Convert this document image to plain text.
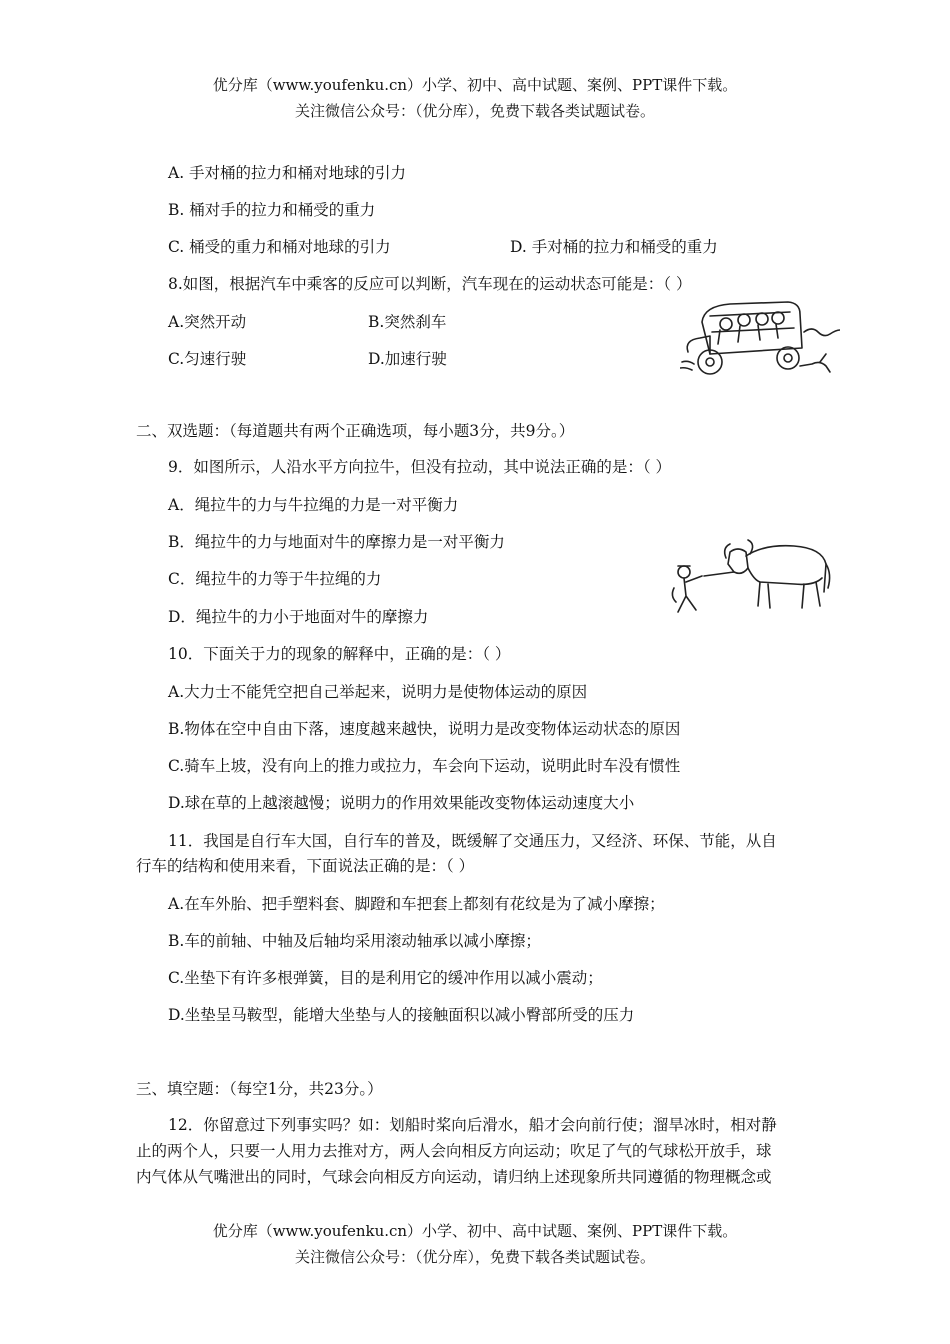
优分库（www.youfenku.cn）小学、初中、高中试题、案例、PPT课件下载。
关注微信公众号：（优分库），免费下载各类试题试卷。
A. 手对桶的拉力和桶对地球的引力
B. 桶对手的拉力和桶受的重力
C. 桶受的重力和桶对地球的引力	D. 手对桶的拉力和桶受的重力
8.如图，根据汽车中乘客的反应可以判断，汽车现在的运动状态可能是：（ ）
A.突然开动	B.突然刹车
C.匀速行驶	D.加速行驶
二、双选题：（每道题共有两个正确选项，每小题3分，共9分。）
9．如图所示，人沿水平方向拉牛，但没有拉动，其中说法正确的是：（ ）
A．绳拉牛的力与牛拉绳的力是一对平衡力
B．绳拉牛的力与地面对牛的摩擦力是一对平衡力
C．绳拉牛的力等于牛拉绳的力
D．绳拉牛的力小于地面对牛的摩擦力
10．下面关于力的现象的解释中，正确的是：（ ）
A.大力士不能凭空把自己举起来，说明力是使物体运动的原因
B.物体在空中自由下落，速度越来越快，说明力是改变物体运动状态的原因
C.骑车上坡，没有向上的推力或拉力，车会向下运动，说明此时车没有惯性
D.球在草的上越滚越慢；说明力的作用效果能改变物体运动速度大小
11．我国是自行车大国，自行车的普及，既缓解了交通压力，又经济、环保、节能，从自
行车的结构和使用来看，下面说法正确的是：（ ）
A.在车外胎、把手塑料套、脚蹬和车把套上都刻有花纹是为了减小摩擦；
B.车的前轴、中轴及后轴均采用滚动轴承以减小摩擦；
C.坐垫下有许多根弹簧，目的是利用它的缓冲作用以减小震动；
D.坐垫呈马鞍型，能增大坐垫与人的接触面积以减小臀部所受的压力
三、填空题：（每空1分，共23分。）
12．你留意过下列事实吗？如：划船时桨向后滑水，船才会向前行使；溜旱冰时，相对静
止的两个人，只要一人用力去推对方，两人会向相反方向运动；吹足了气的气球松开放手，球
内气体从气嘴泄出的同时，气球会向相反方向运动，请归纳上述现象所共同遵循的物理概念或
优分库（www.youfenku.cn）小学、初中、高中试题、案例、PPT课件下载。
关注微信公众号：（优分库），免费下载各类试题试卷。
